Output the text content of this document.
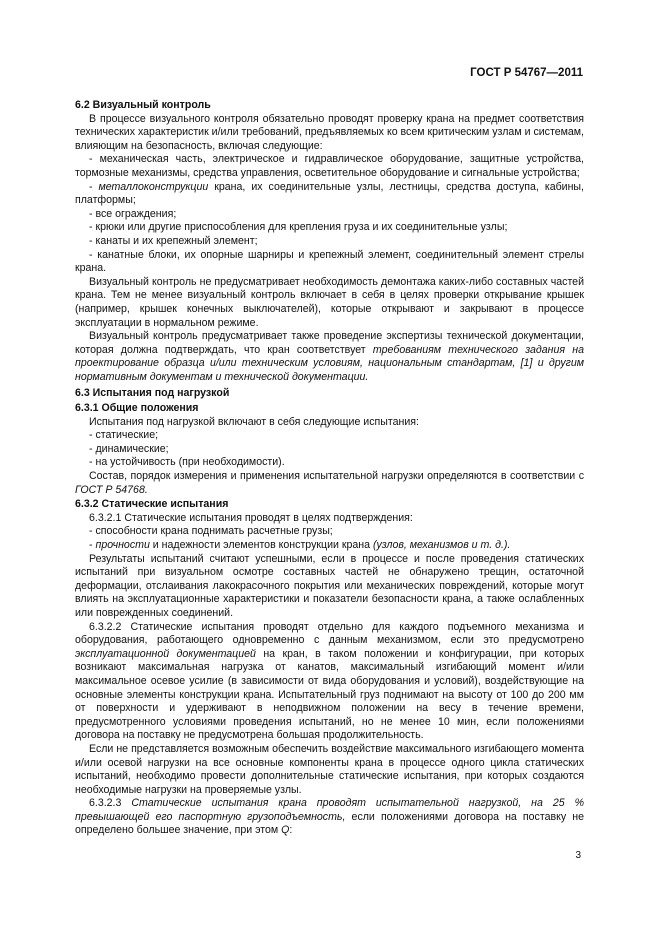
ГОСТ Р 54767—2011

6.2 Визуальный контроль

В процессе визуального контроля обязательно проводят проверку крана на предмет соответствия технических характеристик и/или требований, предъявляемых ко всем критическим узлам и системам, влияющим на безопасность, включая следующие:

- механическая часть, электрическое и гидравлическое оборудование, защитные устройства, тормозные механизмы, средства управления, осветительное оборудование и сигнальные устройства;

- металлоконструкции крана, их соединительные узлы, лестницы, средства доступа, кабины, платформы;

- все ограждения;

- крюки или другие приспособления для крепления груза и их соединительные узлы;

- канаты и их крепежный элемент;

- канатные блоки, их опорные шарниры и крепежный элемент, соединительный элемент стрелы крана.

Визуальный контроль не предусматривает необходимость демонтажа каких-либо составных частей крана. Тем не менее визуальный контроль включает в себя в целях проверки открывание крышек (например, крышек конечных выключателей), которые открывают и закрывают в процессе эксплуатации в нормальном режиме.

Визуальный контроль предусматривает также проведение экспертизы технической документации, которая должна подтверждать, что кран соответствует требованиям технического задания на проектирование образца и/или техническим условиям, национальным стандартам, [1] и другим нормативным документам и технической документации.

6.3 Испытания под нагрузкой

6.3.1 Общие положения

Испытания под нагрузкой включают в себя следующие испытания:

- статические;

- динамические;

- на устойчивость (при необходимости).

Состав, порядок измерения и применения испытательной нагрузки определяются в соответствии с ГОСТ Р 54768.

6.3.2 Статические испытания

6.3.2.1 Статические испытания проводят в целях подтверждения:

- способности крана поднимать расчетные грузы;

- прочности и надежности элементов конструкции крана (узлов, механизмов и т. д.).

Результаты испытаний считают успешными, если в процессе и после проведения статических испытаний при визуальном осмотре составных частей не обнаружено трещин, остаточной деформации, отслаивания лакокрасочного покрытия или механических повреждений, которые могут влиять на эксплуатационные характеристики и показатели безопасности крана, а также ослабленных или поврежденных соединений.

6.3.2.2 Статические испытания проводят отдельно для каждого подъемного механизма и оборудования, работающего одновременно с данным механизмом, если это предусмотрено эксплуатационной документацией на кран, в таком положении и конфигурации, при которых возникают максимальная нагрузка от канатов, максимальный изгибающий момент и/или максимальное осевое усилие (в зависимости от вида оборудования и условий), воздействующие на основные элементы конструкции крана. Испытательный груз поднимают на высоту от 100 до 200 мм от поверхности и удерживают в неподвижном положении на весу в течение времени, предусмотренного условиями проведения испытаний, но не менее 10 мин, если положениями договора на поставку не предусмотрена большая продолжительность.

Если не представляется возможным обеспечить воздействие максимального изгибающего момента и/или осевой нагрузки на все основные компоненты крана в процессе одного цикла статических испытаний, необходимо провести дополнительные статические испытания, при которых создаются необходимые нагрузки на проверяемые узлы.

6.3.2.3 Статические испытания крана проводят испытательной нагрузкой, на 25 % превышающей его паспортную грузоподъемность, если положениями договора на поставку не определено большее значение, при этом Q:

3
